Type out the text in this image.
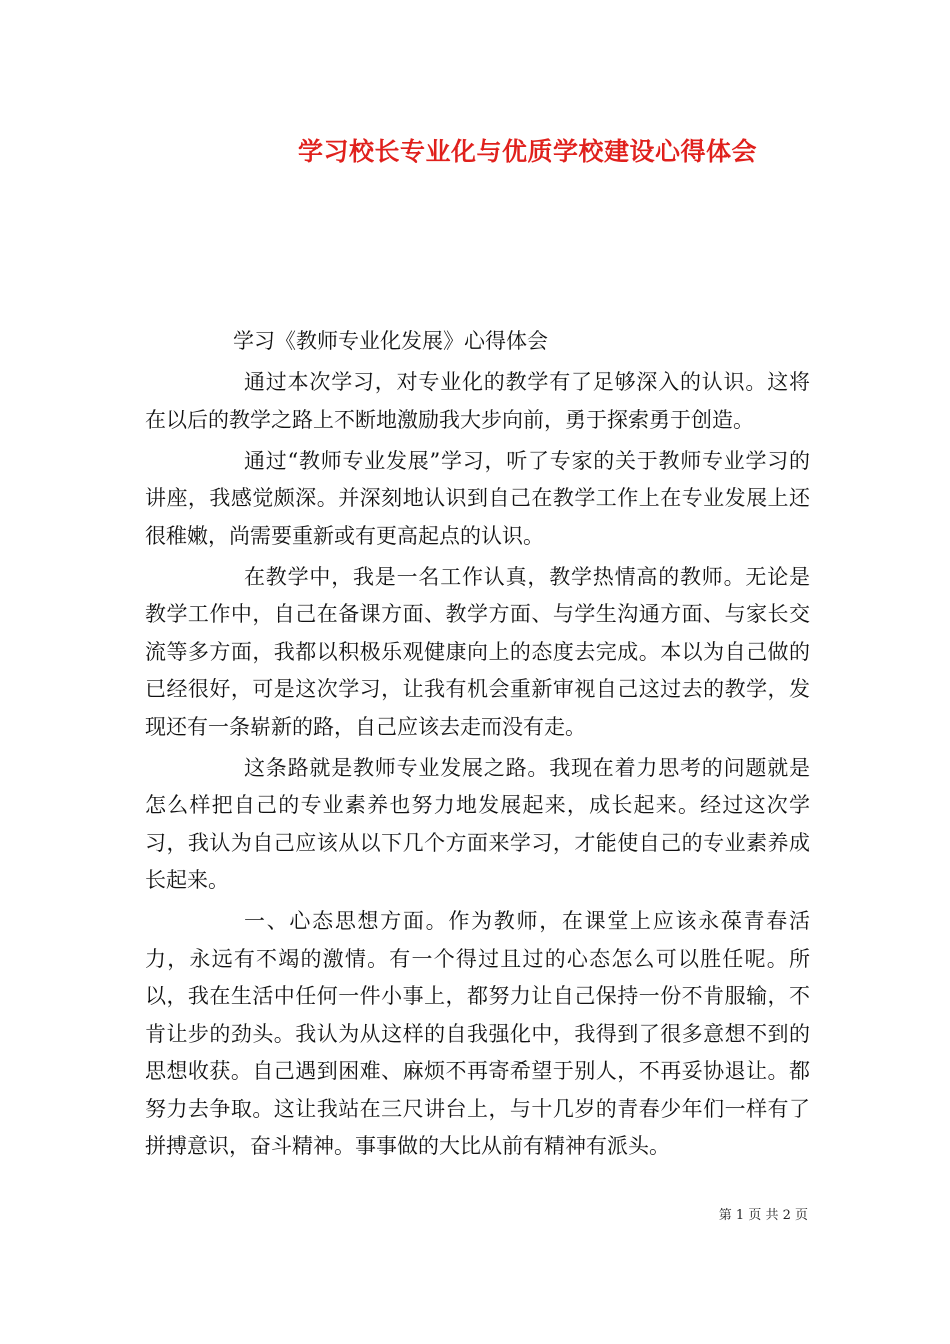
学习校长专业化与优质学校建设心得体会
学习《教师专业化发展》心得体会

通过本次学习，对专业化的教学有了足够深入的认识。这将在以后的教学之路上不断地激励我大步向前，勇于探索勇于创造。

通过“教师专业发展”学习，听了专家的关于教师专业学习的讲座，我感觉颇深。并深刻地认识到自己在教学工作上在专业发展上还很稚嫩，尚需要重新或有更高起点的认识。

在教学中，我是一名工作认真，教学热情高的教师。无论是教学工作中，自己在备课方面、教学方面、与学生沟通方面、与家长交流等多方面，我都以积极乐观健康向上的态度去完成。本以为自己做的已经很好，可是这次学习，让我有机会重新审视自己这过去的教学，发现还有一条崭新的路，自己应该去走而没有走。

这条路就是教师专业发展之路。我现在着力思考的问题就是怎么样把自己的专业素养也努力地发展起来，成长起来。经过这次学习，我认为自己应该从以下几个方面来学习，才能使自己的专业素养成长起来。

一、心态思想方面。作为教师，在课堂上应该永葆青春活力，永远有不竭的激情。有一个得过且过的心态怎么可以胜任呢。所以，我在生活中任何一件小事上，都努力让自己保持一份不肯服输，不肯让步的劲头。我认为从这样的自我强化中，我得到了很多意想不到的思想收获。自己遇到困难、麻烦不再寄希望于别人，不再妥协退让。都努力去争取。这让我站在三尺讲台上，与十几岁的青春少年们一样有了拼搏意识，奋斗精神。事事做的大比从前有精神有派头。

第 1 页 共 2 页
